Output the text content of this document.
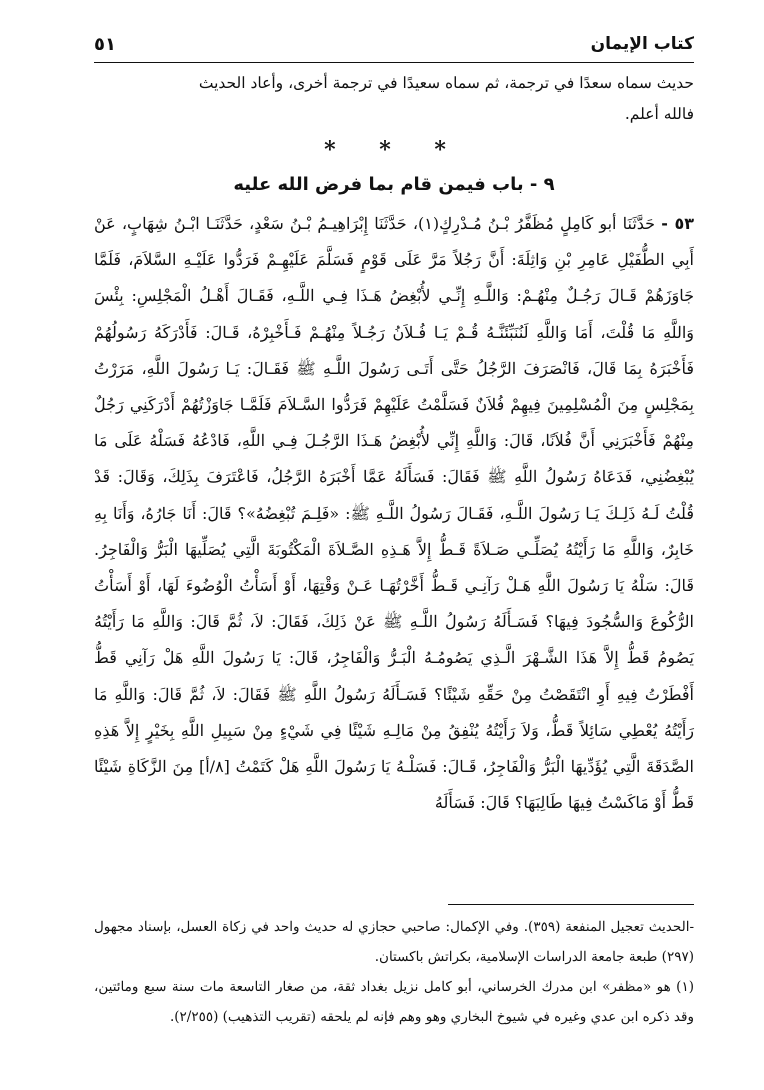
كتاب الإيمان
٥١

حديث سماه سعدًا في ترجمة، ثم سماه سعيدًا في ترجمة أخرى، وأعاد الحديث

فالله أعلم.

* * *
٩ - باب فيمن قام بما فرض الله عليه

٥٣ - حَدَّثَنَا أبو كَامِلٍ مُظَفَّرُ بْـنُ مُـدْرِكٍ(١)، حَدَّثَنَا إِبْرَاهِيـمُ بْـنُ سَعْدٍ، حَدَّثَنَـا ابْـنُ شِهَابٍ، عَنْ أَبِي الطُّفَيْلِ عَامِرِ بْنِ وَاثِلَةَ: أَنَّ رَجُلاً مَرَّ عَلَى قَوْمٍ فَسَلَّمَ عَلَيْهِـمْ فَرَدُّوا عَلَيْـهِ السَّلاَمَ، فَلَمَّا جَاوَزَهُمْ قَـالَ رَجُـلٌ مِنْهُـمْ: وَاللَّـهِ إِنِّـي لأُبْغِضُ هَـذَا فِـي اللَّـهِ، فَقَـالَ أَهْـلُ الْمَجْلِسِ: بِئْسَ وَاللَّهِ مَا قُلْتَ، أَمَا وَاللَّهِ لَنُنَبِّئَنَّـهُ قُـمْ يَـا فُـلاَنُ رَجُـلاً مِنْهُـمْ فَـأَخْبِرْهُ، قَـالَ: فَأَدْرَكَهُ رَسُولُهُمْ فَأَخْبَرَهُ بِمَا قَالَ، فَانْصَرَفَ الرَّجُلُ حَتَّى أَتَـى رَسُولَ اللَّـهِ ﷺ فَقَـالَ: يَـا رَسُولَ اللَّهِ، مَرَرْتُ بِمَجْلِسٍ مِنَ الْمُسْلِمِينَ فِيهِمْ فُلاَنٌ فَسَلَّمْتُ عَلَيْهِمْ فَرَدُّوا السَّـلاَمَ فَلَمَّـا جَاوَزْتُهُمْ أَدْرَكَنِي رَجُلٌ مِنْهُمْ فَأَخْبَرَنِي أَنَّ فُلاَنًا، قَالَ: وَاللَّهِ إِنِّي لأُبْغِضُ هَـذَا الرَّجُـلَ فِـي اللَّهِ، فَادْعُهُ فَسَلْهُ عَلَى مَا يُبْغِضُنِي، فَدَعَاهُ رَسُولُ اللَّهِ ﷺ فَقَالَ: فَسَأَلَهُ عَمَّا أَخْبَرَهُ الرَّجُلُ، فَاعْتَرَفَ بِذَلِكَ، وَقَالَ: قَدْ قُلْتُ لَـهُ ذَلِـكَ يَـا رَسُولَ اللَّـهِ، فَقَـالَ رَسُولُ اللَّـهِ ﷺ: «فَلِـمَ تُبْغِضُهُ»؟ قَالَ: أَنَا جَارُهُ، وَأَنَا بِهِ خَابِرٌ، وَاللَّهِ مَا رَأَيْتُهُ يُصَلِّـي صَـلاَةً قَـطُّ إِلاَّ هَـذِهِ الصَّـلاَةَ الْمَكْتُوبَةَ الَّتِي يُصَلِّيهَا الْبَرُّ وَالْفَاجِرُ. قَالَ: سَلْهُ يَا رَسُولَ اللَّهِ هَـلْ رَآنِـي قَـطُّ أَخَّرْتُهَـا عَـنْ وَقْتِهَا، أَوْ أَسَأْتُ الْوُضُوءَ لَهَا، أَوْ أَسَأْتُ الرُّكُوعَ وَالسُّجُودَ فِيهَا؟ فَسَـأَلَهُ رَسُولُ اللَّـهِ ﷺ عَنْ ذَلِكَ، فَقَالَ: لاَ، ثُمَّ قَالَ: وَاللَّهِ مَا رَأَيْتُهُ يَصُومُ قَطُّ إِلاَّ هَذَا الشَّـهْرَ الَّـذِي يَصُومُـهُ الْبَـرُّ وَالْفَاجِرُ، قَالَ: يَا رَسُولَ اللَّهِ هَلْ رَآنِي قَطُّ أَفْطَرْتُ فِيهِ أَوِ انْتَقَصْتُ مِنْ حَقِّهِ شَيْئًا؟ فَسَـأَلَهُ رَسُولُ اللَّهِ ﷺ فَقَالَ: لاَ، ثُمَّ قَالَ: وَاللَّهِ مَا رَأَيْتُهُ يُعْطِي سَائِلاً قَطُّ، وَلاَ رَأَيْتُهُ يُنْفِقُ مِنْ مَالِـهِ شَيْئًا فِي شَيْءٍ مِنْ سَبِيلِ اللَّهِ بِخَيْرٍ إِلاَّ هَذِهِ الصَّدَقَةَ الَّتِي يُؤَدِّيهَا الْبَرُّ وَالْفَاجِرُ، قَـالَ: فَسَلْـهُ يَا رَسُولَ اللَّهِ هَلْ كَتَمْتُ [٨/أ] مِنَ الزَّكَاةِ شَيْئًا قَطُّ أَوْ مَاكَسْتُ فِيهَا طَالِبَهَا؟ قَالَ: فَسَأَلَهُ

-الحديث تعجيل المنفعة (٣٥٩). وفي الإكمال: صاحبي حجازي له حديث واحد في زكاة العسل، بإسناد مجهول (٢٩٧) طبعة جامعة الدراسات الإسلامية، بكراتش باكستان.

(١) هو «مظفر» ابن مدرك الخرساني، أبو كامل نزيل بغداد ثقة، من صغار التاسعة مات سنة سبع ومائتين، وقد ذكره ابن عدي وغيره في شيوخ البخاري وهو وهم فإنه لم يلحقه (تقريب التذهيب) (٢/٢٥٥).
